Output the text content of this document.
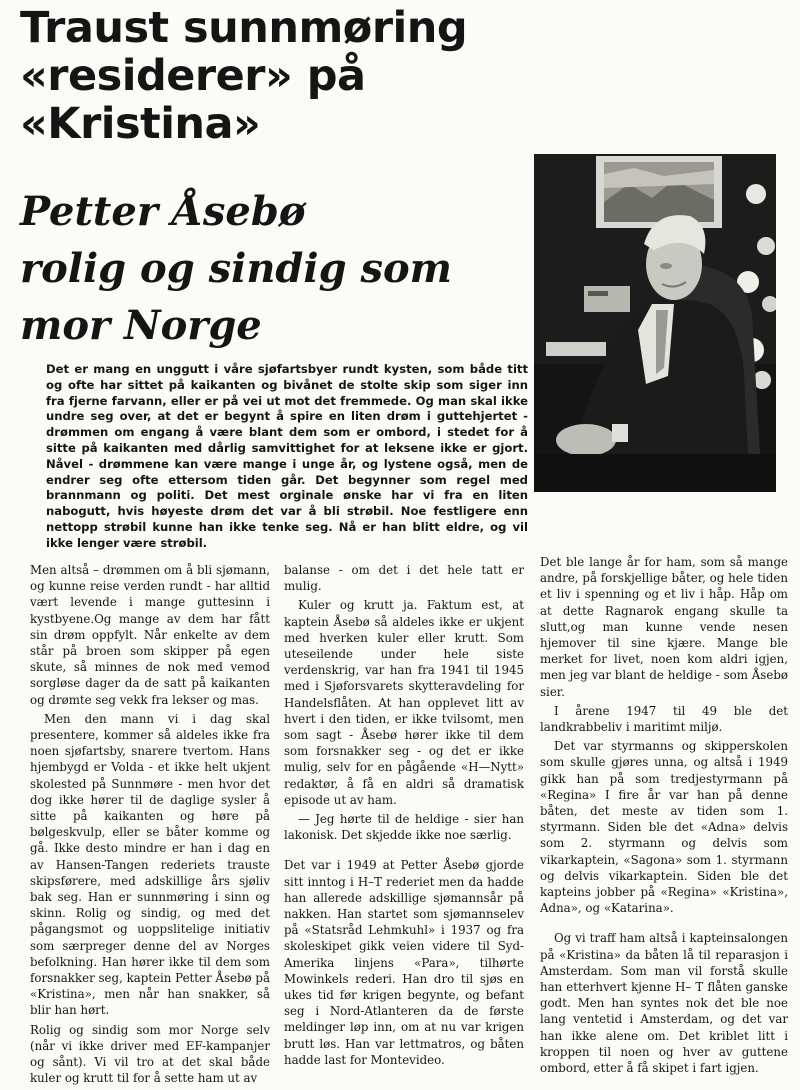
Traust sunnmøring
«residerer» på
«Kristina»
Petter Åsebø
rolig og sindig som
mor Norge

Det er mang en unggutt i våre sjøfartsbyer rundt kysten, som både titt og ofte har sittet på kaikanten og bivånet de stolte skip som siger inn fra fjerne farvann, eller er på vei ut mot det fremmede. Og man skal ikke undre seg over, at det er begynt å spire en liten drøm i guttehjertet - drømmen om engang å være blant dem som er ombord, i stedet for å sitte på kaikanten med dårlig samvittighet for at leksene ikke er gjort. Nåvel - drømmene kan være mange i unge år, og lystene også, men de endrer seg ofte ettersom tiden går. Det begynner som regel med brannmann og politi. Det mest orginale ønske har vi fra en liten nabogutt, hvis høyeste drøm det var å bli strøbil. Noe festligere enn nettopp strøbil kunne han ikke tenke seg. Nå er han blitt eldre, og vil ikke lenger være strøbil.

Men altså – drømmen om å bli sjømann, og kunne reise verden rundt - har alltid vært levende i mange guttesinn i kystbyene.Og mange av dem har fått sin drøm oppfylt. Når enkelte av dem står på broen som skipper på egen skute, så minnes de nok med vemod sorgløse dager da de satt på kaikanten og drømte seg vekk fra lekser og mas.

Men den mann vi i dag skal presentere, kommer så aldeles ikke fra noen sjøfartsby, snarere tvertom. Hans hjembygd er Volda - et ikke helt ukjent skolested på Sunnmøre - men hvor det dog ikke hører til de daglige sysler å sitte på kaikanten og høre på bølgeskvulp, eller se båter komme og gå. Ikke desto mindre er han i dag en av Hansen-Tangen rederiets trauste skipsførere, med adskillige års sjøliv bak seg. Han er sunnmøring i sinn og skinn. Rolig og sindig, og med det pågangsmot og uoppslitelige initiativ som særpreger denne del av Norges befolkning. Han hører ikke til dem som forsnakker seg, kaptein Petter Åsebø på «Kristina», men når han snakker, så blir han hørt.

Rolig og sindig som mor Norge selv (når vi ikke driver med EF-kampanjer og sånt). Vi vil tro at det skal både kuler og krutt til for å sette ham ut av

balanse - om det i det hele tatt er mulig.

Kuler og krutt ja. Faktum est, at kaptein Åsebø så aldeles ikke er ukjent med hverken kuler eller krutt. Som uteseilende under hele siste verdenskrig, var han fra 1941 til 1945 med i Sjøforsvarets skytteravdeling for Handelsflåten. At han opplevet litt av hvert i den tiden, er ikke tvilsomt, men som sagt - Åsebø hører ikke til dem som forsnakker seg - og det er ikke mulig, selv for en pågående «H—Nytt» redaktør, å få en aldri så dramatisk episode ut av ham.

— Jeg hørte til de heldige - sier han lakonisk. Det skjedde ikke noe særlig.

Det var i 1949 at Petter Åsebø gjorde sitt inntog i H–T rederiet men da hadde han allerede adskillige sjømannsår på nakken. Han startet som sjømannselev på «Statsråd Lehmkuhl» i 1937 og fra skoleskipet gikk veien videre til Syd-Amerika linjens «Para», tilhørte Mowinkels rederi. Han dro til sjøs en ukes tid før krigen begynte, og befant seg i Nord-Atlanteren da de første meldinger løp inn, om at nu var krigen brutt løs. Han var lettmatros, og båten hadde last for Montevideo.

Det ble lange år for ham, som så mange andre, på forskjellige båter, og hele tiden et liv i spenning og et liv i håp. Håp om at dette Ragnarok engang skulle ta slutt,og man kunne vende nesen hjemover til sine kjære. Mange ble merket for livet, noen kom aldri igjen, men jeg var blant de heldige - som Åsebø sier.

I årene 1947 til 49 ble det landkrabbeliv i maritimt miljø.

Det var styrmanns og skipperskolen som skulle gjøres unna, og altså i 1949 gikk han på som tredjestyrmann på «Regina» I fire år var han på denne båten, det meste av tiden som 1. styrmann. Siden ble det «Adna» delvis som 2. styrmann og delvis som vikarkaptein, «Sagona» som 1. styrmann og delvis vikarkaptein. Siden ble det kapteins jobber på «Regina» «Kristina», Adna», og «Katarina».

Og vi traff ham altså i kapteinsalongen på «Kristina» da båten lå til reparasjon i Amsterdam. Som man vil forstå skulle han etterhvert kjenne H– T flåten ganske godt. Men han syntes nok det ble noe lang ventetid i Amsterdam, og det var han ikke alene om. Det kriblet litt i kroppen til noen og hver av guttene ombord, etter å få skipet i fart igjen.
